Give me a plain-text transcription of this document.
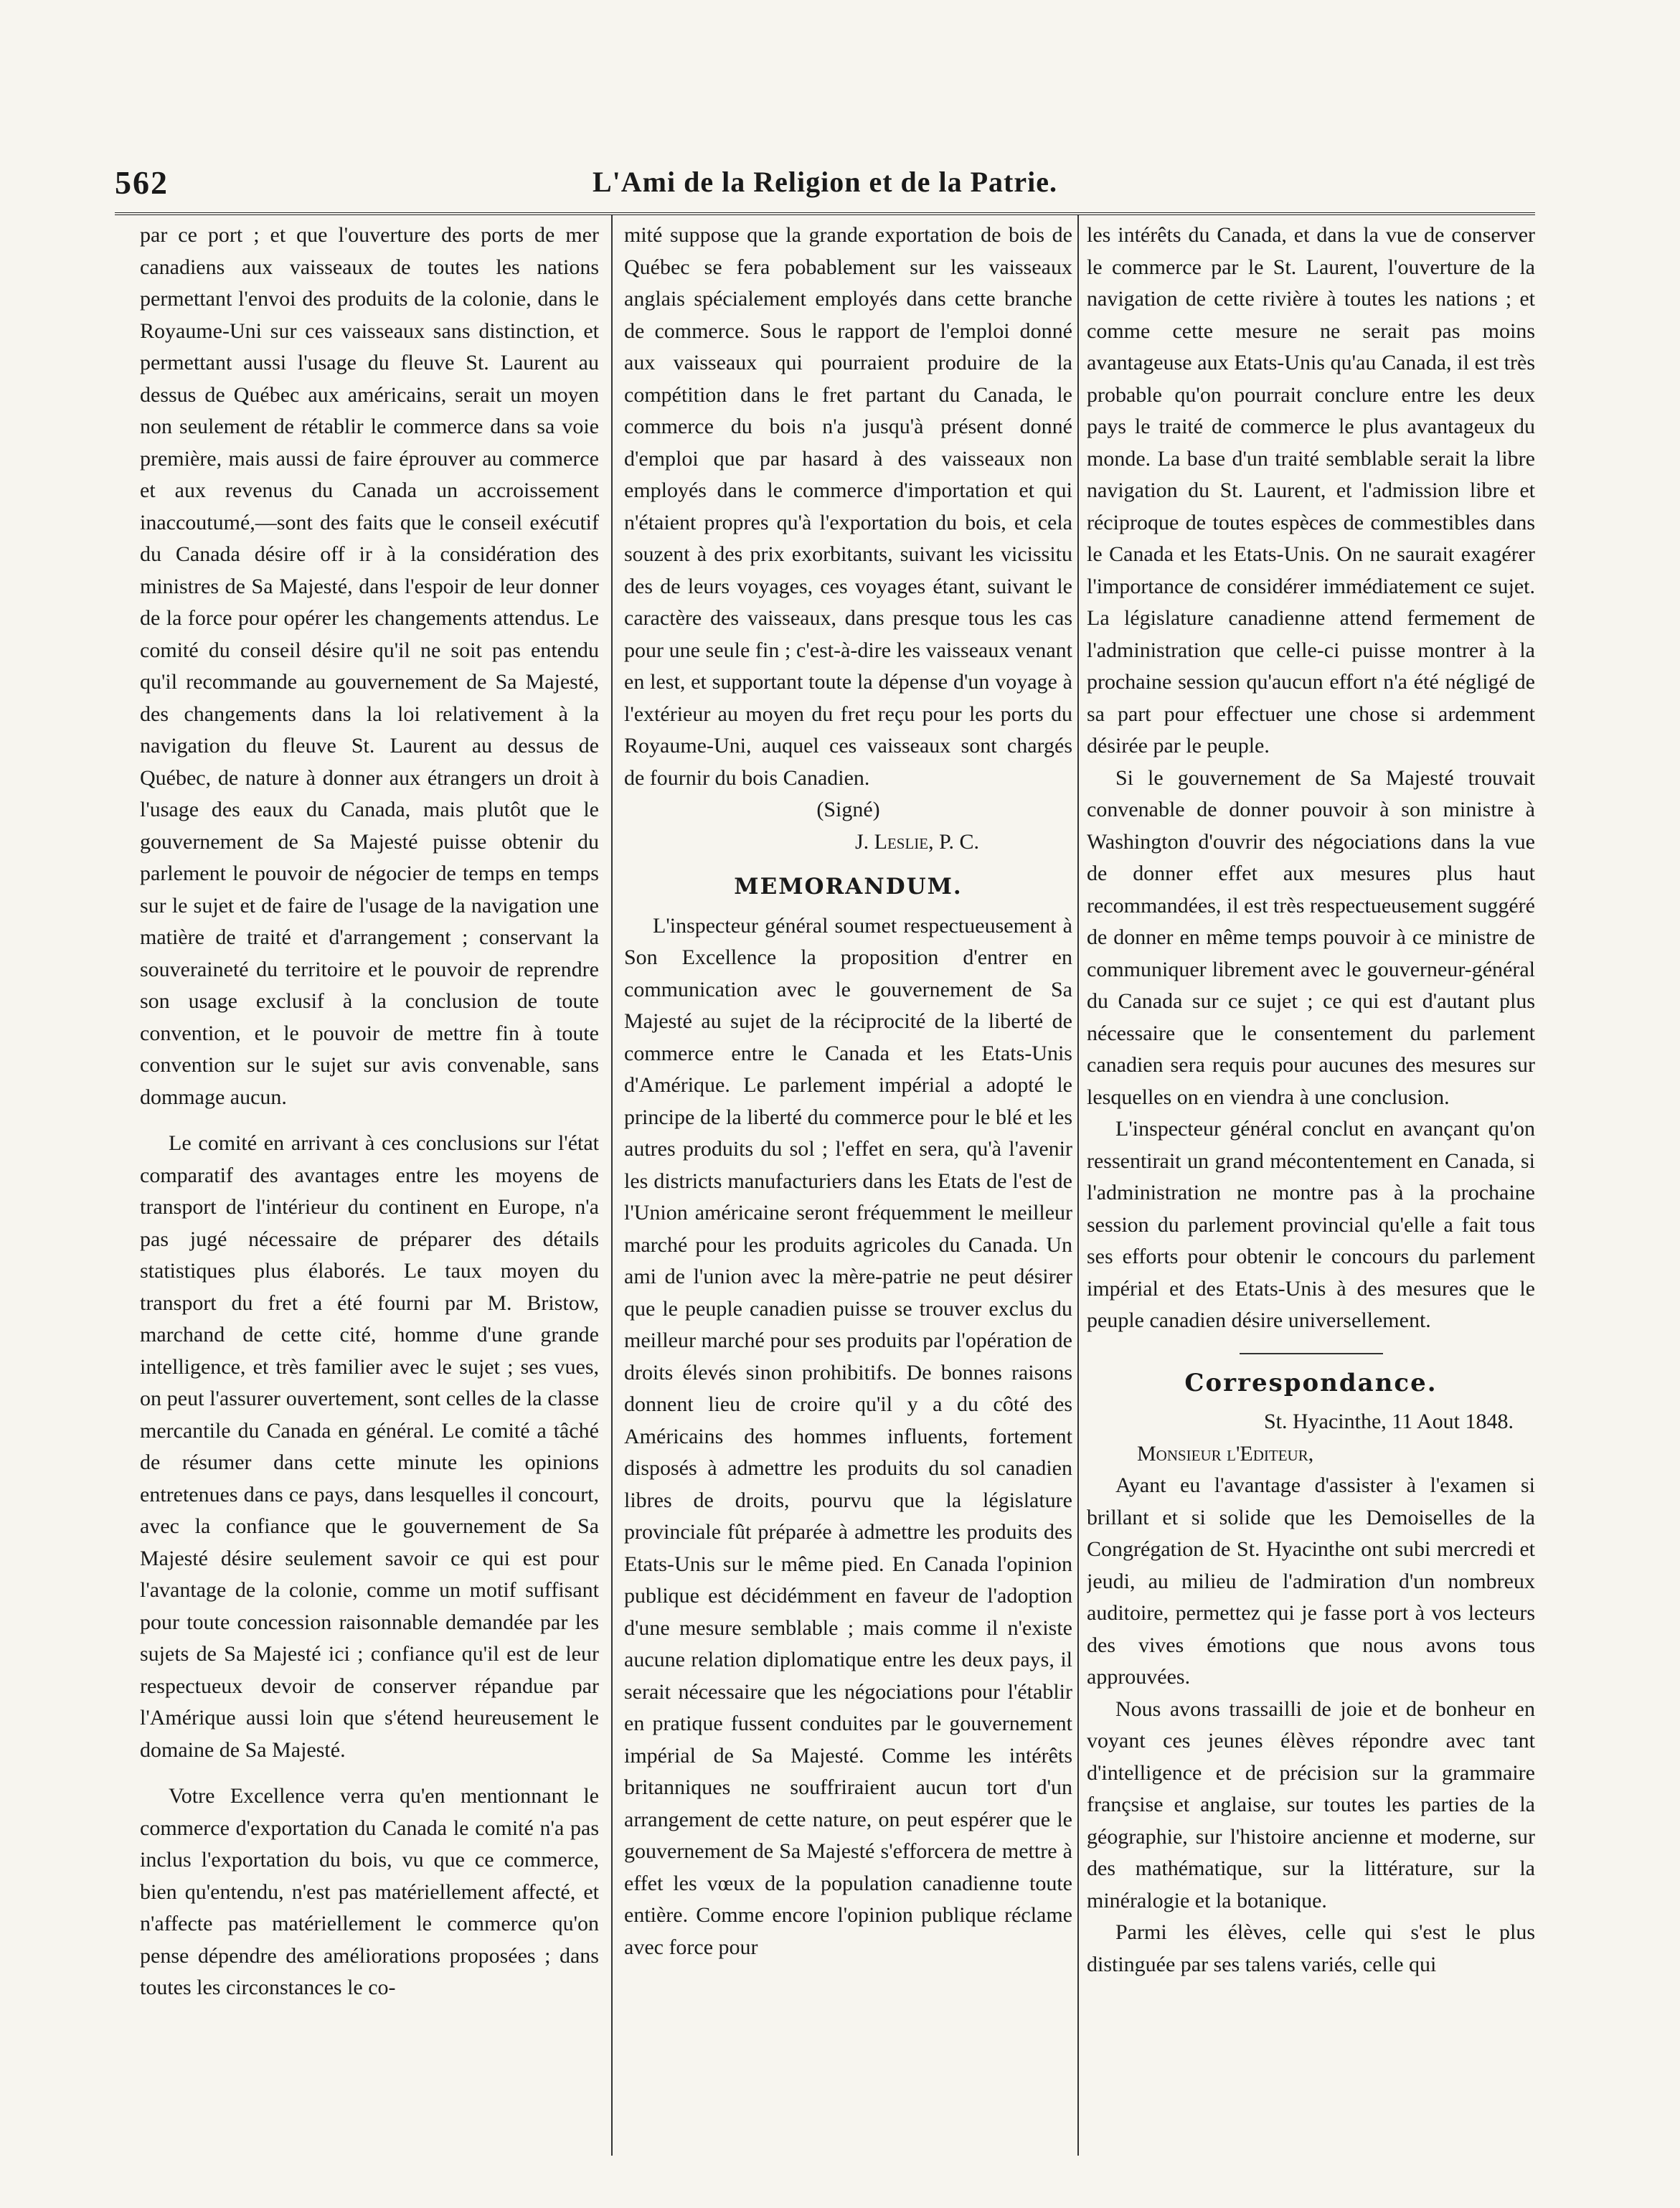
562	L'Ami de la Religion et de la Patrie.

par ce port ; et que l'ouverture des ports de mer canadiens aux vaisseaux de toutes les nations permettant l'envoi des produits de la colonie, dans le Royaume-Uni sur ces vaisseaux sans distinction, et permettant aussi l'usage du fleuve St. Laurent au dessus de Québec aux américains, serait un moyen non seulement de rétablir le commerce dans sa voie première, mais aussi de faire éprouver au commerce et aux revenus du Canada un accroissement inaccoutumé,—sont des faits que le conseil exécutif du Canada désire off ir à la considération des ministres de Sa Majesté, dans l'espoir de leur donner de la force pour opérer les changements attendus. Le comité du conseil désire qu'il ne soit pas entendu qu'il recommande au gouvernement de Sa Majesté, des changements dans la loi relativement à la navigation du fleuve St. Laurent au dessus de Québec, de nature à donner aux étrangers un droit à l'usage des eaux du Canada, mais plutôt que le gouvernement de Sa Majesté puisse obtenir du parlement le pouvoir de négocier de temps en temps sur le sujet et de faire de l'usage de la navigation une matière de traité et d'arrangement ; conservant la souveraineté du territoire et le pouvoir de reprendre son usage exclusif à la conclusion de toute convention, et le pouvoir de mettre fin à toute convention sur le sujet sur avis convenable, sans dommage aucun.

Le comité en arrivant à ces conclusions sur l'état comparatif des avantages entre les moyens de transport de l'intérieur du continent en Europe, n'a pas jugé nécessaire de préparer des détails statistiques plus élaborés. Le taux moyen du transport du fret a été fourni par M. Bristow, marchand de cette cité, homme d'une grande intelligence, et très familier avec le sujet ; ses vues, on peut l'assurer ouvertement, sont celles de la classe mercantile du Canada en général. Le comité a tâché de résumer dans cette minute les opinions entretenues dans ce pays, dans lesquelles il concourt, avec la confiance que le gouvernement de Sa Majesté désire seulement savoir ce qui est pour l'avantage de la colonie, comme un motif suffisant pour toute concession raisonnable demandée par les sujets de Sa Majesté ici ; confiance qu'il est de leur respectueux devoir de conserver répandue par l'Amérique aussi loin que s'étend heureusement le domaine de Sa Majesté.

Votre Excellence verra qu'en mentionnant le commerce d'exportation du Canada le comité n'a pas inclus l'exportation du bois, vu que ce commerce, bien qu'entendu, n'est pas matériellement affecté, et n'affecte pas matériellement le commerce qu'on pense dépendre des améliorations proposées ; dans toutes les circonstances le co-

mité suppose que la grande exportation de bois de Québec se fera pobablement sur les vaisseaux anglais spécialement employés dans cette branche de commerce. Sous le rapport de l'emploi donné aux vaisseaux qui pourraient produire de la compétition dans le fret partant du Canada, le commerce du bois n'a jusqu'à présent donné d'emploi que par hasard à des vaisseaux non employés dans le commerce d'importation et qui n'étaient propres qu'à l'exportation du bois, et cela souzent à des prix exorbitants, suivant les vicissitu des de leurs voyages, ces voyages étant, suivant le caractère des vaisseaux, dans presque tous les cas pour une seule fin ; c'est-à-dire les vaisseaux venant en lest, et supportant toute la dépense d'un voyage à l'extérieur au moyen du fret reçu pour les ports du Royaume-Uni, auquel ces vaisseaux sont chargés de fournir du bois Canadien.

(Signé)

J. Leslie, P. C.

MEMORANDUM.

L'inspecteur général soumet respectueusement à Son Excellence la proposition d'entrer en communication avec le gouvernement de Sa Majesté au sujet de la réciprocité de la liberté de commerce entre le Canada et les Etats-Unis d'Amérique. Le parlement impérial a adopté le principe de la liberté du commerce pour le blé et les autres produits du sol ; l'effet en sera, qu'à l'avenir les districts manufacturiers dans les Etats de l'est de l'Union américaine seront fréquemment le meilleur marché pour les produits agricoles du Canada. Un ami de l'union avec la mère-patrie ne peut désirer que le peuple canadien puisse se trouver exclus du meilleur marché pour ses produits par l'opération de droits élevés sinon prohibitifs. De bonnes raisons donnent lieu de croire qu'il y a du côté des Américains des hommes influents, fortement disposés à admettre les produits du sol canadien libres de droits, pourvu que la législature provinciale fût préparée à admettre les produits des Etats-Unis sur le même pied. En Canada l'opinion publique est décidémment en faveur de l'adoption d'une mesure semblable ; mais comme il n'existe aucune relation diplomatique entre les deux pays, il serait nécessaire que les négociations pour l'établir en pratique fussent conduites par le gouvernement impérial de Sa Majesté. Comme les intérêts britanniques ne souffriraient aucun tort d'un arrangement de cette nature, on peut espérer que le gouvernement de Sa Majesté s'efforcera de mettre à effet les vœux de la population canadienne toute entière. Comme encore l'opinion publique réclame avec force pour

les intérêts du Canada, et dans la vue de conserver le commerce par le St. Laurent, l'ouverture de la navigation de cette rivière à toutes les nations ; et comme cette mesure ne serait pas moins avantageuse aux Etats-Unis qu'au Canada, il est très probable qu'on pourrait conclure entre les deux pays le traité de commerce le plus avantageux du monde. La base d'un traité semblable serait la libre navigation du St. Laurent, et l'admission libre et réciproque de toutes espèces de commestibles dans le Canada et les Etats-Unis. On ne saurait exagérer l'importance de considérer immédiatement ce sujet. La législature canadienne attend fermement de l'administration que celle-ci puisse montrer à la prochaine session qu'aucun effort n'a été négligé de sa part pour effectuer une chose si ardemment désirée par le peuple.

Si le gouvernement de Sa Majesté trouvait convenable de donner pouvoir à son ministre à Washington d'ouvrir des négociations dans la vue de donner effet aux mesures plus haut recommandées, il est très respectueusement suggéré de donner en même temps pouvoir à ce ministre de communiquer librement avec le gouverneur-général du Canada sur ce sujet ; ce qui est d'autant plus nécessaire que le consentement du parlement canadien sera requis pour aucunes des mesures sur lesquelles on en viendra à une conclusion.

L'inspecteur général conclut en avançant qu'on ressentirait un grand mécontentement en Canada, si l'administration ne montre pas à la prochaine session du parlement provincial qu'elle a fait tous ses efforts pour obtenir le concours du parlement impérial et des Etats-Unis à des mesures que le peuple canadien désire universellement.

Correspondance.

St. Hyacinthe, 11 Aout 1848.

Monsieur l'Editeur,

Ayant eu l'avantage d'assister à l'examen si brillant et si solide que les Demoiselles de la Congrégation de St. Hyacinthe ont subi mercredi et jeudi, au milieu de l'admiration d'un nombreux auditoire, permettez qui je fasse port à vos lecteurs des vives émotions que nous avons tous approuvées.

Nous avons trassailli de joie et de bonheur en voyant ces jeunes élèves répondre avec tant d'intelligence et de précision sur la grammaire françsise et anglaise, sur toutes les parties de la géographie, sur l'histoire ancienne et moderne, sur des mathématique, sur la littérature, sur la minéralogie et la botanique.

Parmi les élèves, celle qui s'est le plus distinguée par ses talens variés, celle qui
